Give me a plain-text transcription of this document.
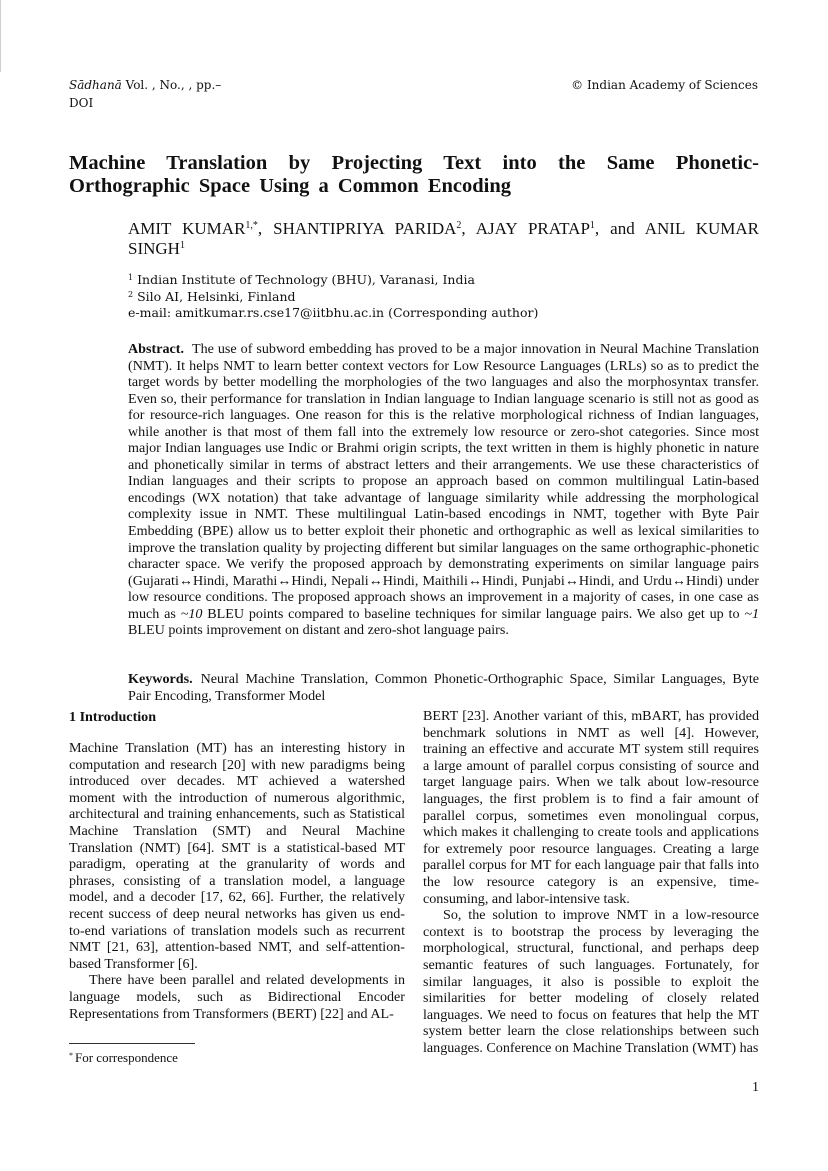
Sādhanā Vol. , No., , pp.–
DOI
© Indian Academy of Sciences
Machine Translation by Projecting Text into the Same Phonetic-Orthographic Space Using a Common Encoding
AMIT $KUMAR^{1,*}$, SHANTIPRIYA PARIDA$^2$, AJAY PRATAP$^1$, and ANIL KUMAR SINGH$^1$
$^1$ Indian Institute of Technology (BHU), Varanasi, India
$^2$ Silo AI, Helsinki, Finland
e-mail: amitkumar.rs.cse17@iitbhu.ac.in (Corresponding author)

Abstract. The use of subword embedding has proved to be a major innovation in Neural Machine Translation (NMT). It helps NMT to learn better context vectors for Low Resource Languages (LRLs) so as to predict the target words by better modelling the morphologies of the two languages and also the morphosyntax transfer. Even so, their performance for translation in Indian language to Indian language scenario is still not as good as for resource-rich languages. One reason for this is the relative morphological richness of Indian languages, while another is that most of them fall into the extremely low resource or zero-shot categories. Since most major Indian languages use Indic or Brahmi origin scripts, the text written in them is highly phonetic in nature and phonetically similar in terms of abstract letters and their arrangements. We use these characteristics of Indian languages and their scripts to propose an approach based on common multilingual Latin-based encodings (WX notation) that take advantage of language similarity while addressing the morphological complexity issue in NMT. These multilingual Latin-based encodings in NMT, together with Byte Pair Embedding (BPE) allow us to better exploit their phonetic and orthographic as well as lexical similarities to improve the translation quality by projecting different but similar languages on the same orthographic-phonetic character space. We verify the proposed approach by demonstrating experiments on similar language pairs (Gujarati↔Hindi, Marathi↔Hindi, Nepali↔Hindi, Maithili↔Hindi, Punjabi↔Hindi, and Urdu↔Hindi) under low resource conditions. The proposed approach shows an improvement in a majority of cases, in one case as much as ~10 BLEU points compared to baseline techniques for similar language pairs. We also get up to ~1 BLEU points improvement on distant and zero-shot language pairs.

Keywords. Neural Machine Translation, Common Phonetic-Orthographic Space, Similar Languages, Byte Pair Encoding, Transformer Model

1 Introduction

Machine Translation (MT) has an interesting history in computation and research [20] with new paradigms being introduced over decades. MT achieved a watershed moment with the introduction of numerous algorithmic, architectural and training enhancements, such as Statistical Machine Translation (SMT) and Neural Machine Translation (NMT) [64]. SMT is a statistical-based MT paradigm, operating at the granularity of words and phrases, consisting of a translation model, a language model, and a decoder [17, 62, 66]. Further, the relatively recent success of deep neural networks has given us end-to-end variations of translation models such as recurrent NMT [21, 63], attention-based NMT, and self-attention-based Transformer [6].

There have been parallel and related developments in language models, such as Bidirectional Encoder Representations from Transformers (BERT) [22] and AL-

BERT [23]. Another variant of this, mBART, has provided benchmark solutions in NMT as well [4]. However, training an effective and accurate MT system still requires a large amount of parallel corpus consisting of source and target language pairs. When we talk about low-resource languages, the first problem is to find a fair amount of parallel corpus, sometimes even monolingual corpus, which makes it challenging to create tools and applications for extremely poor resource languages. Creating a large parallel corpus for MT for each language pair that falls into the low resource category is an expensive, time-consuming, and labor-intensive task.

So, the solution to improve NMT in a low-resource context is to bootstrap the process by leveraging the morphological, structural, functional, and perhaps deep semantic features of such languages. Fortunately, for similar languages, it also is possible to exploit the similarities for better modeling of closely related languages. We need to focus on features that help the MT system better learn the close relationships between such languages. Conference on Machine Translation (WMT) has

* For correspondence
1
